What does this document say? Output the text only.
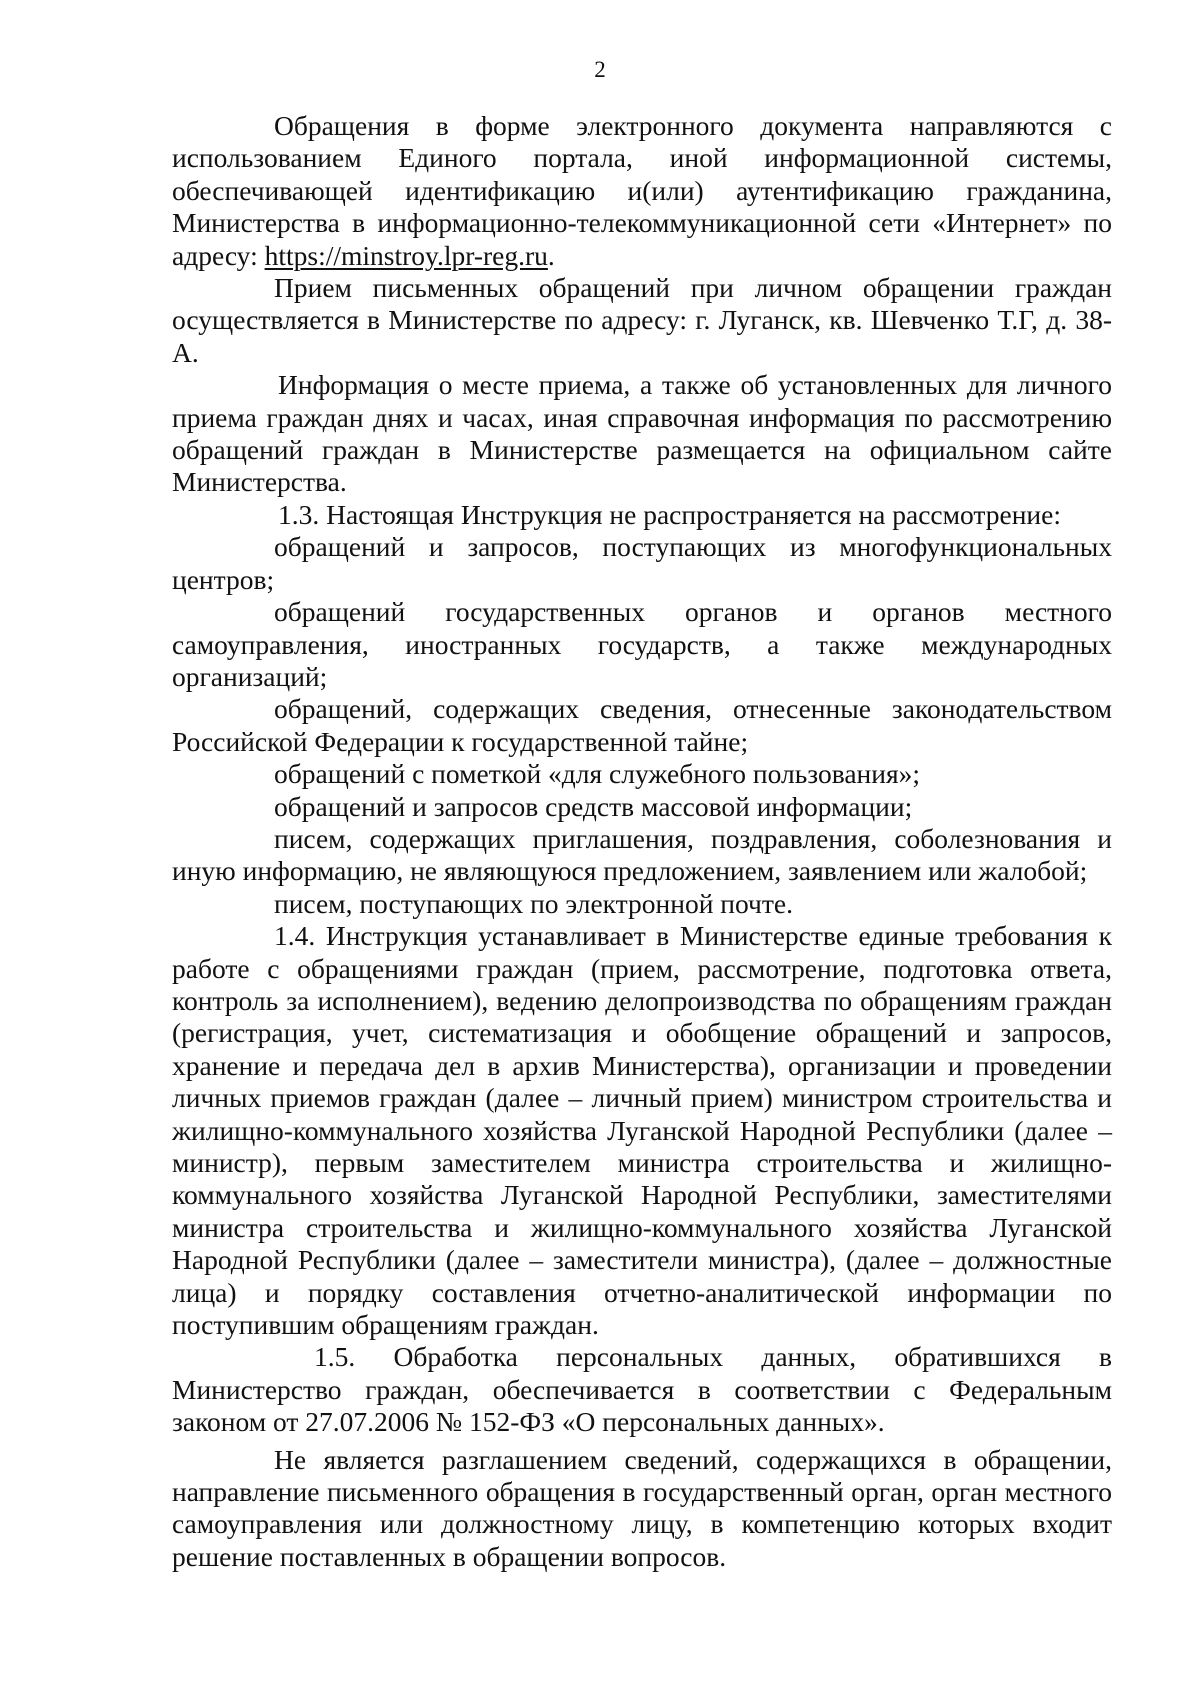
2

Обращения в форме электронного документа направляются с использованием Единого портала, иной информационной системы, обеспечивающей идентификацию и(или) аутентификацию гражданина, Министерства в информационно-телекоммуникационной сети «Интернет» по адресу: https://minstroy.lpr-reg.ru.

Прием письменных обращений при личном обращении граждан осуществляется в Министерстве по адресу: г. Луганск, кв. Шевченко Т.Г, д. 38-А.

Информация о месте приема, а также об установленных для личного приема граждан днях и часах, иная справочная информация по рассмотрению обращений граждан в Министерстве размещается на официальном сайте Министерства.

1.3. Настоящая Инструкция не распространяется на рассмотрение:

обращений и запросов, поступающих из многофункциональных центров;

обращений государственных органов и органов местного самоуправления, иностранных государств, а также международных организаций;

обращений, содержащих сведения, отнесенные законодательством Российской Федерации к государственной тайне;

обращений с пометкой «для служебного пользования»;

обращений и запросов средств массовой информации;

писем, содержащих приглашения, поздравления, соболезнования и иную информацию, не являющуюся предложением, заявлением или жалобой;

писем, поступающих по электронной почте.

1.4. Инструкция устанавливает в Министерстве единые требования к работе с обращениями граждан (прием, рассмотрение, подготовка ответа, контроль за исполнением), ведению делопроизводства по обращениям граждан (регистрация, учет, систематизация и обобщение обращений и запросов, хранение и передача дел в архив Министерства), организации и проведении личных приемов граждан (далее – личный прием) министром строительства и жилищно-коммунального хозяйства Луганской Народной Республики (далее – министр), первым заместителем министра строительства и жилищно-коммунального хозяйства Луганской Народной Республики, заместителями министра строительства и жилищно-коммунального хозяйства Луганской Народной Республики (далее – заместители министра), (далее – должностные лица) и порядку составления отчетно-аналитической информации по поступившим обращениям граждан.

1.5. Обработка персональных данных, обратившихся в Министерство граждан, обеспечивается в соответствии с Федеральным законом от 27.07.2006 № 152-ФЗ «О персональных данных».

Не является разглашением сведений, содержащихся в обращении, направление письменного обращения в государственный орган, орган местного самоуправления или должностному лицу, в компетенцию которых входит решение поставленных в обращении вопросов.
